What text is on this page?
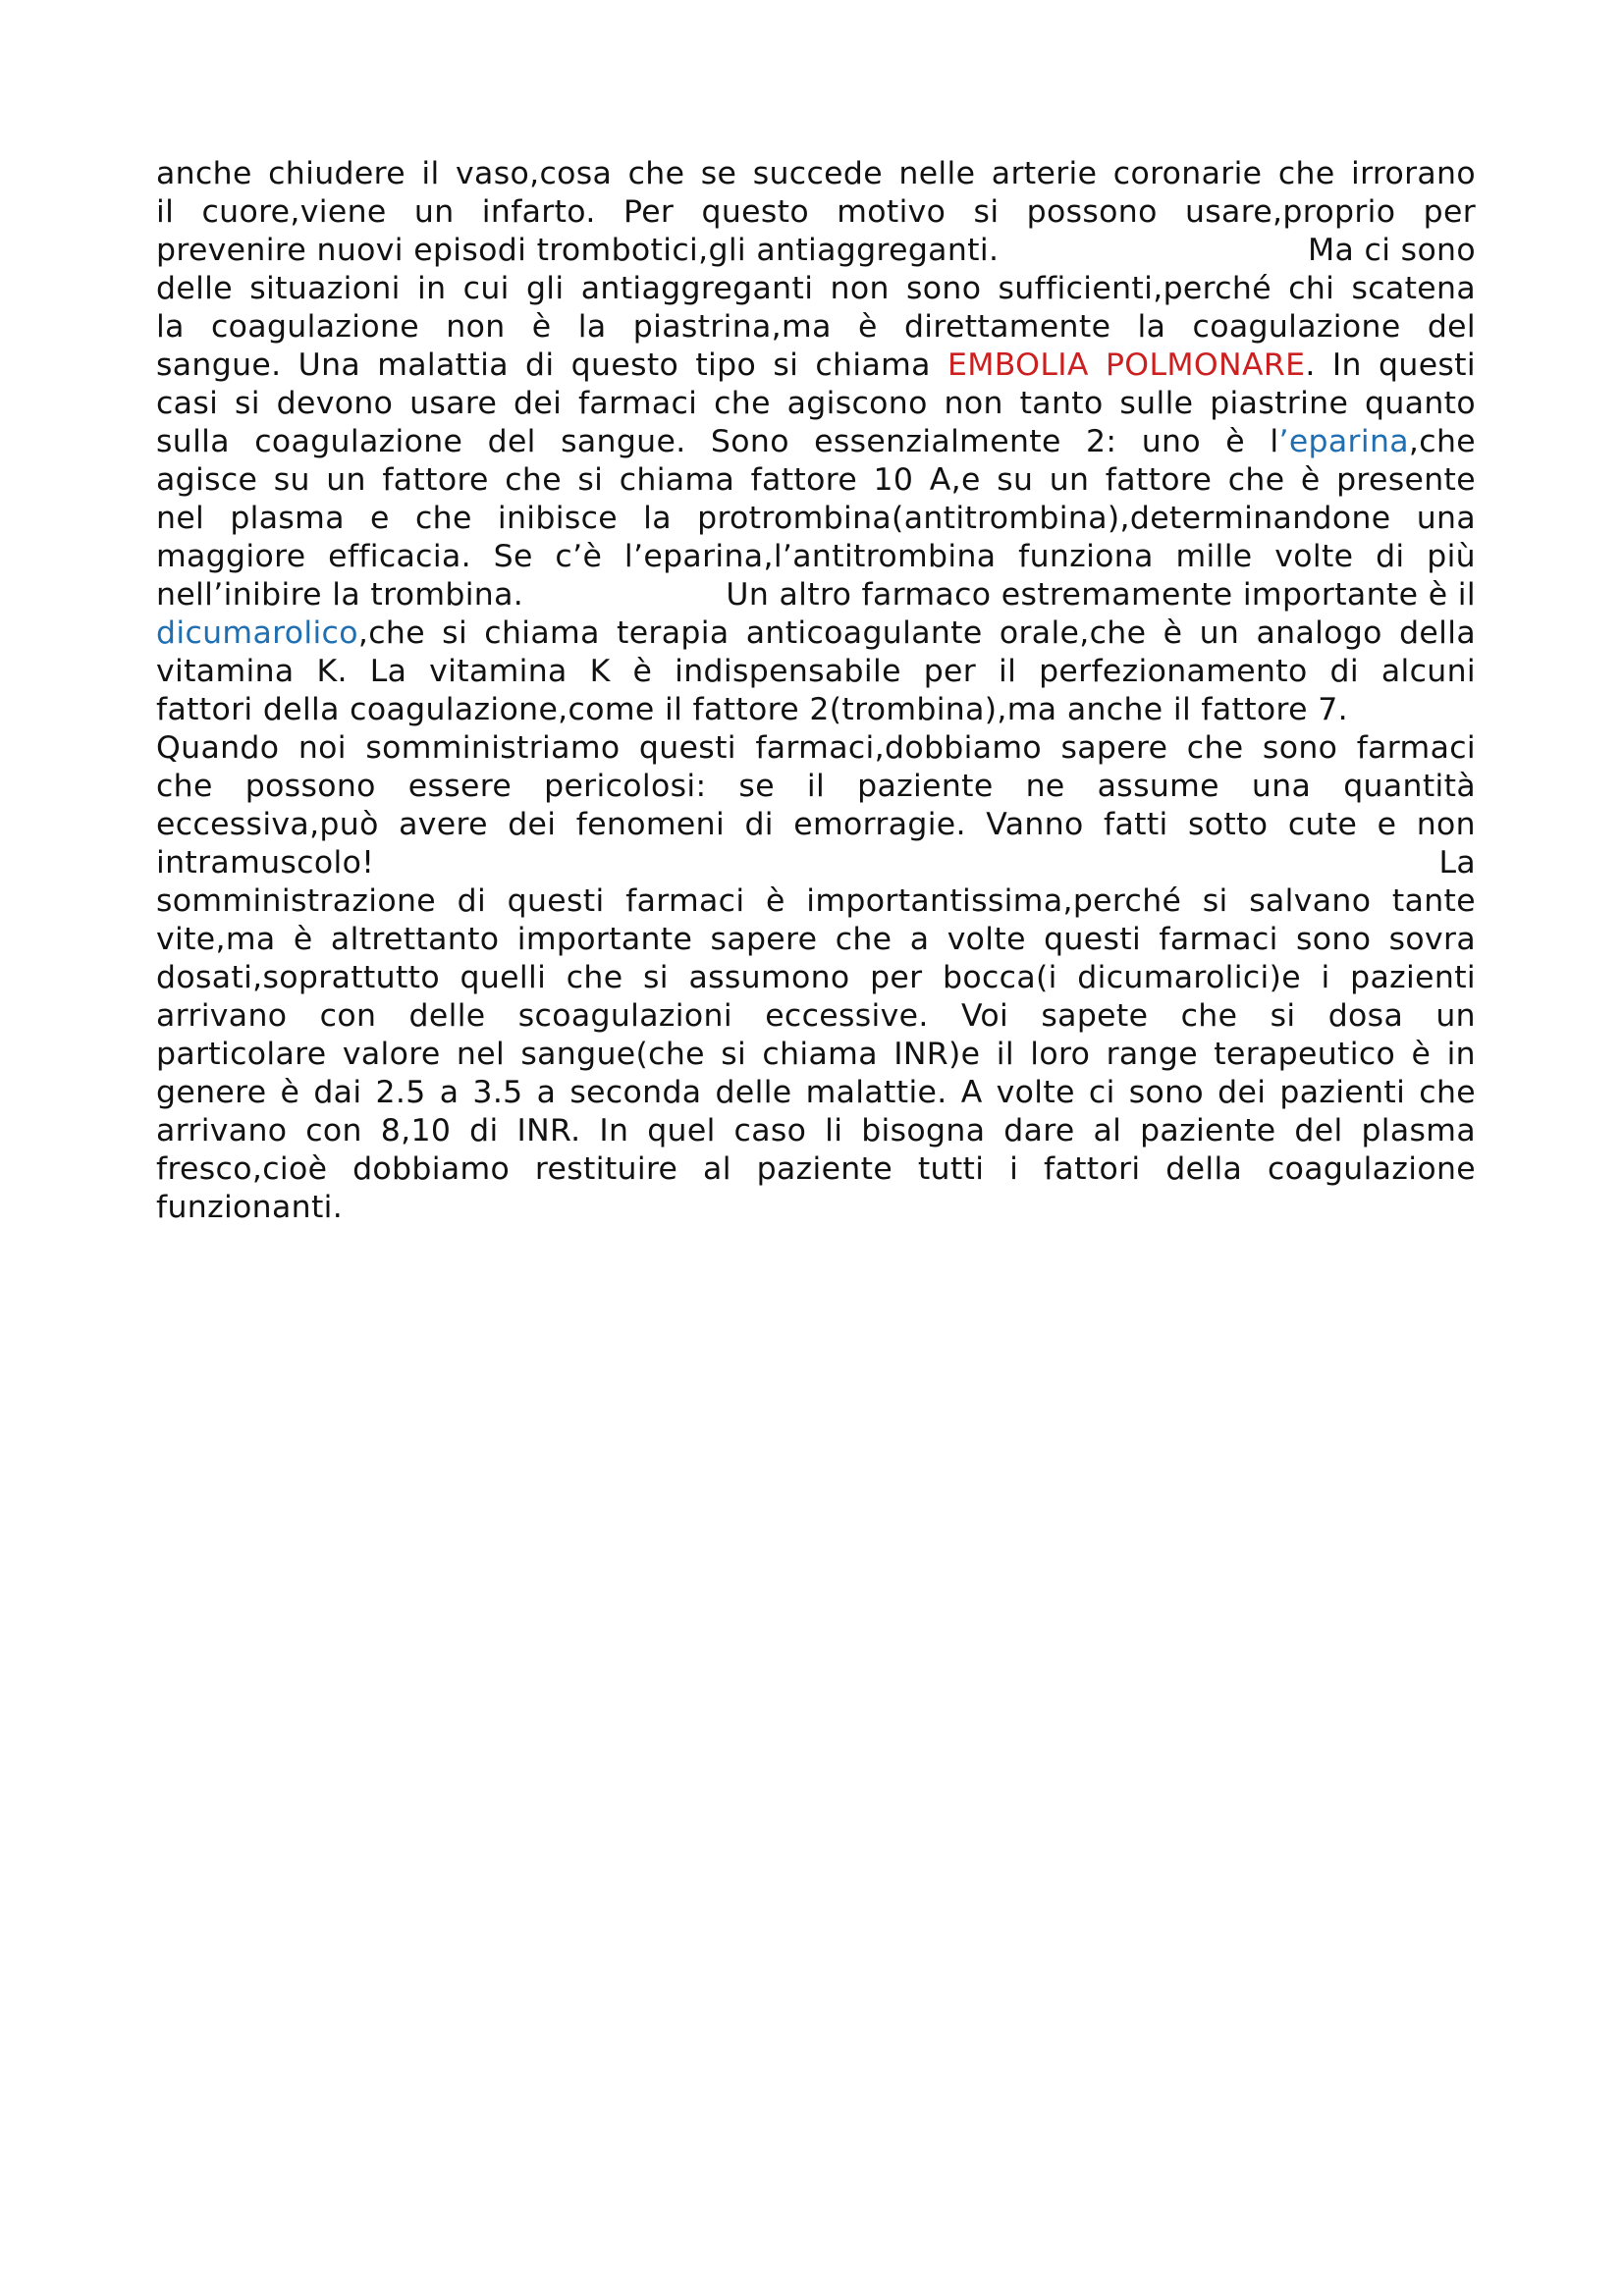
anche chiudere il vaso,cosa che se succede nelle arterie coronarie che irrorano
il cuore,viene un infarto. Per questo motivo si possono usare,proprio per
prevenire nuovi episodi trombotici,gli antiaggreganti.	Ma ci sono
delle situazioni in cui gli antiaggreganti non sono sufficienti,perché chi scatena
la coagulazione non è la piastrina,ma è direttamente la coagulazione del
sangue. Una malattia di questo tipo si chiama EMBOLIA POLMONARE. In questi
casi si devono usare dei farmaci che agiscono non tanto sulle piastrine quanto
sulla coagulazione del sangue. Sono essenzialmente 2: uno è l’eparina,che
agisce su un fattore che si chiama fattore 10 A,e su un fattore che è presente
nel plasma e che inibisce la protrombina(antitrombina),determinandone una
maggiore efficacia. Se c’è l’eparina,l’antitrombina funziona mille volte di più
nell’inibire la trombina.	Un altro farmaco estremamente importante è il
dicumarolico,che si chiama terapia anticoagulante orale,che è un analogo della
vitamina K. La vitamina K è indispensabile per il perfezionamento di alcuni
fattori della coagulazione,come il fattore 2(trombina),ma anche il fattore 7.
Quando noi somministriamo questi farmaci,dobbiamo sapere che sono farmaci
che possono essere pericolosi: se il paziente ne assume una quantità
eccessiva,può avere dei fenomeni di emorragie. Vanno fatti sotto cute e non
intramuscolo!	La
somministrazione di questi farmaci è importantissima,perché si salvano tante
vite,ma è altrettanto importante sapere che a volte questi farmaci sono sovra
dosati,soprattutto quelli che si assumono per bocca(i dicumarolici)e i pazienti
arrivano con delle scoagulazioni eccessive. Voi sapete che si dosa un
particolare valore nel sangue(che si chiama INR)e il loro range terapeutico è in
genere è dai 2.5 a 3.5 a seconda delle malattie. A volte ci sono dei pazienti che
arrivano con 8,10 di INR. In quel caso li bisogna dare al paziente del plasma
fresco,cioè dobbiamo restituire al paziente tutti i fattori della coagulazione
funzionanti.
